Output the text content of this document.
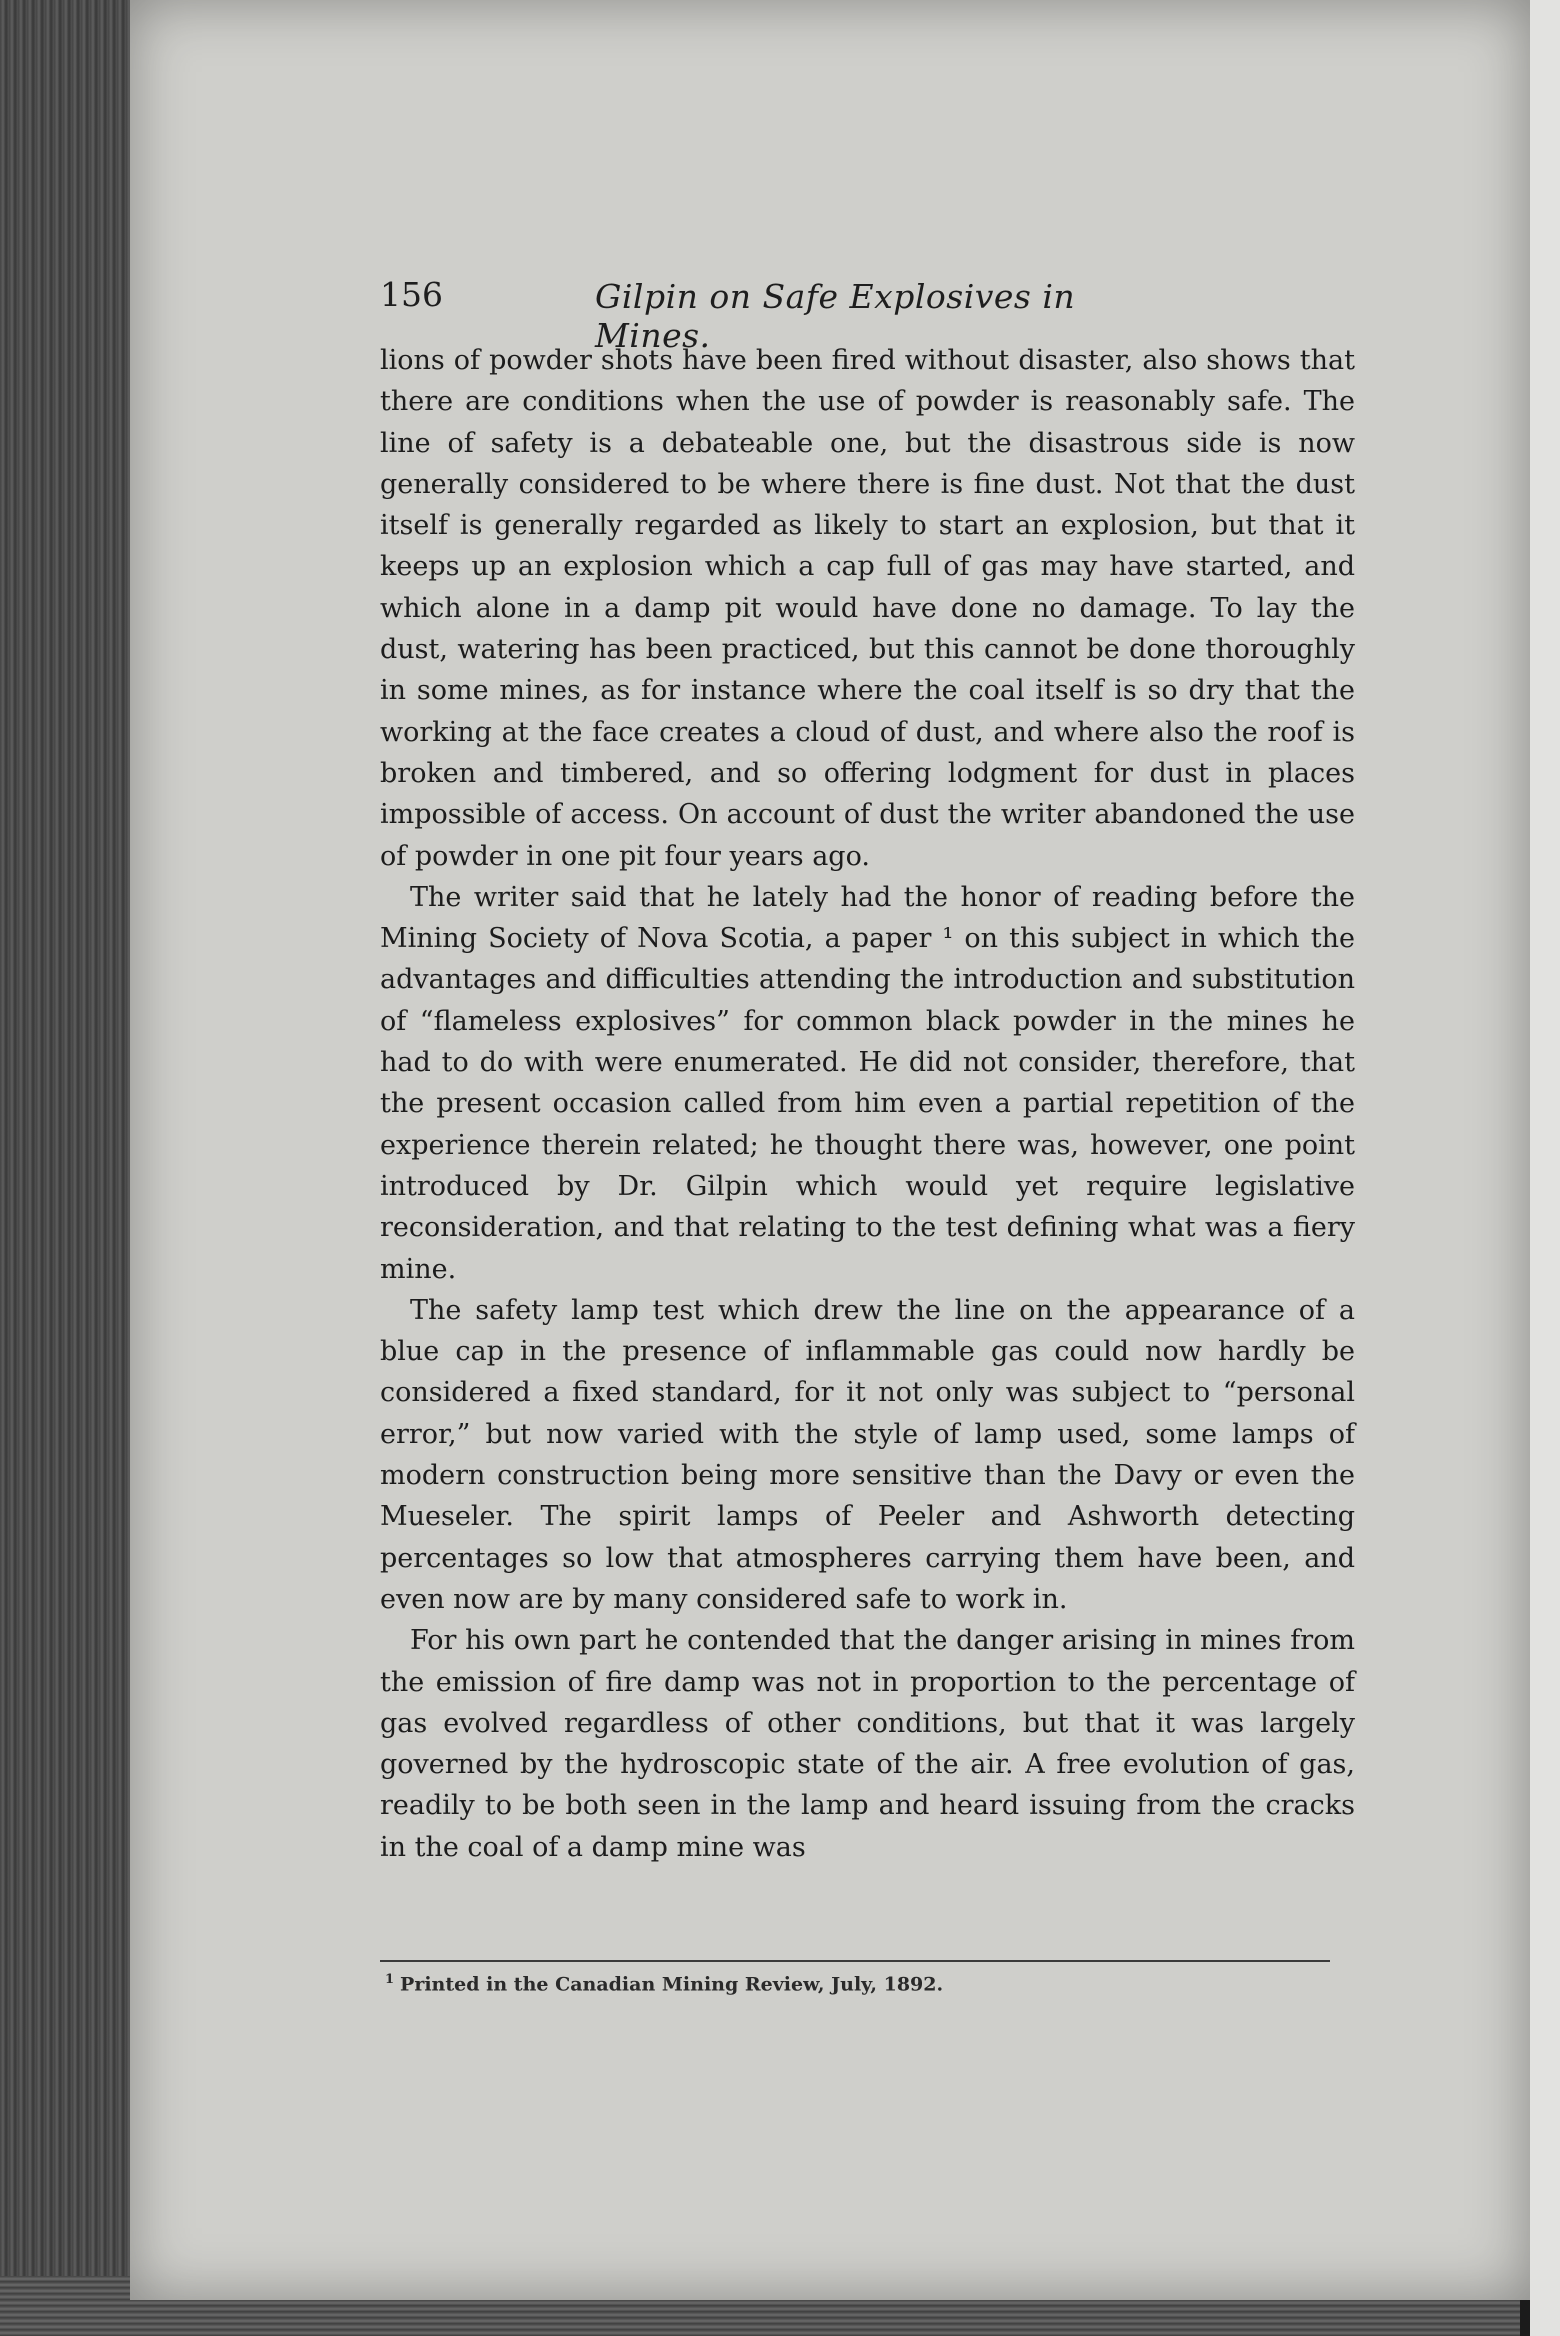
156	Gilpin on Safe Explosives in Mines.

lions of powder shots have been fired without disaster, also shows that there are conditions when the use of powder is reasonably safe. The line of safety is a debateable one, but the disastrous side is now generally considered to be where there is fine dust. Not that the dust itself is generally regarded as likely to start an explosion, but that it keeps up an explosion which a cap full of gas may have started, and which alone in a damp pit would have done no damage. To lay the dust, watering has been practiced, but this cannot be done thoroughly in some mines, as for instance where the coal itself is so dry that the working at the face creates a cloud of dust, and where also the roof is broken and timbered, and so offering lodgment for dust in places impossible of access. On account of dust the writer abandoned the use of powder in one pit four years ago.

The writer said that he lately had the honor of reading before the Mining Society of Nova Scotia, a paper ¹ on this subject in which the advantages and difficulties attending the introduction and substitution of “flameless explosives” for common black powder in the mines he had to do with were enumerated. He did not consider, therefore, that the present occasion called from him even a partial repetition of the experience therein related; he thought there was, however, one point introduced by Dr. Gilpin which would yet require legislative reconsideration, and that relating to the test defining what was a fiery mine.

The safety lamp test which drew the line on the appearance of a blue cap in the presence of inflammable gas could now hardly be considered a fixed standard, for it not only was subject to “personal error,” but now varied with the style of lamp used, some lamps of modern construction being more sensitive than the Davy or even the Mueseler. The spirit lamps of Peeler and Ashworth detecting percentages so low that atmospheres carrying them have been, and even now are by many considered safe to work in.

For his own part he contended that the danger arising in mines from the emission of fire damp was not in proportion to the percentage of gas evolved regardless of other conditions, but that it was largely governed by the hydroscopic state of the air. A free evolution of gas, readily to be both seen in the lamp and heard issuing from the cracks in the coal of a damp mine was

$^1$ Printed in the Canadian Mining Review, July, 1892.
